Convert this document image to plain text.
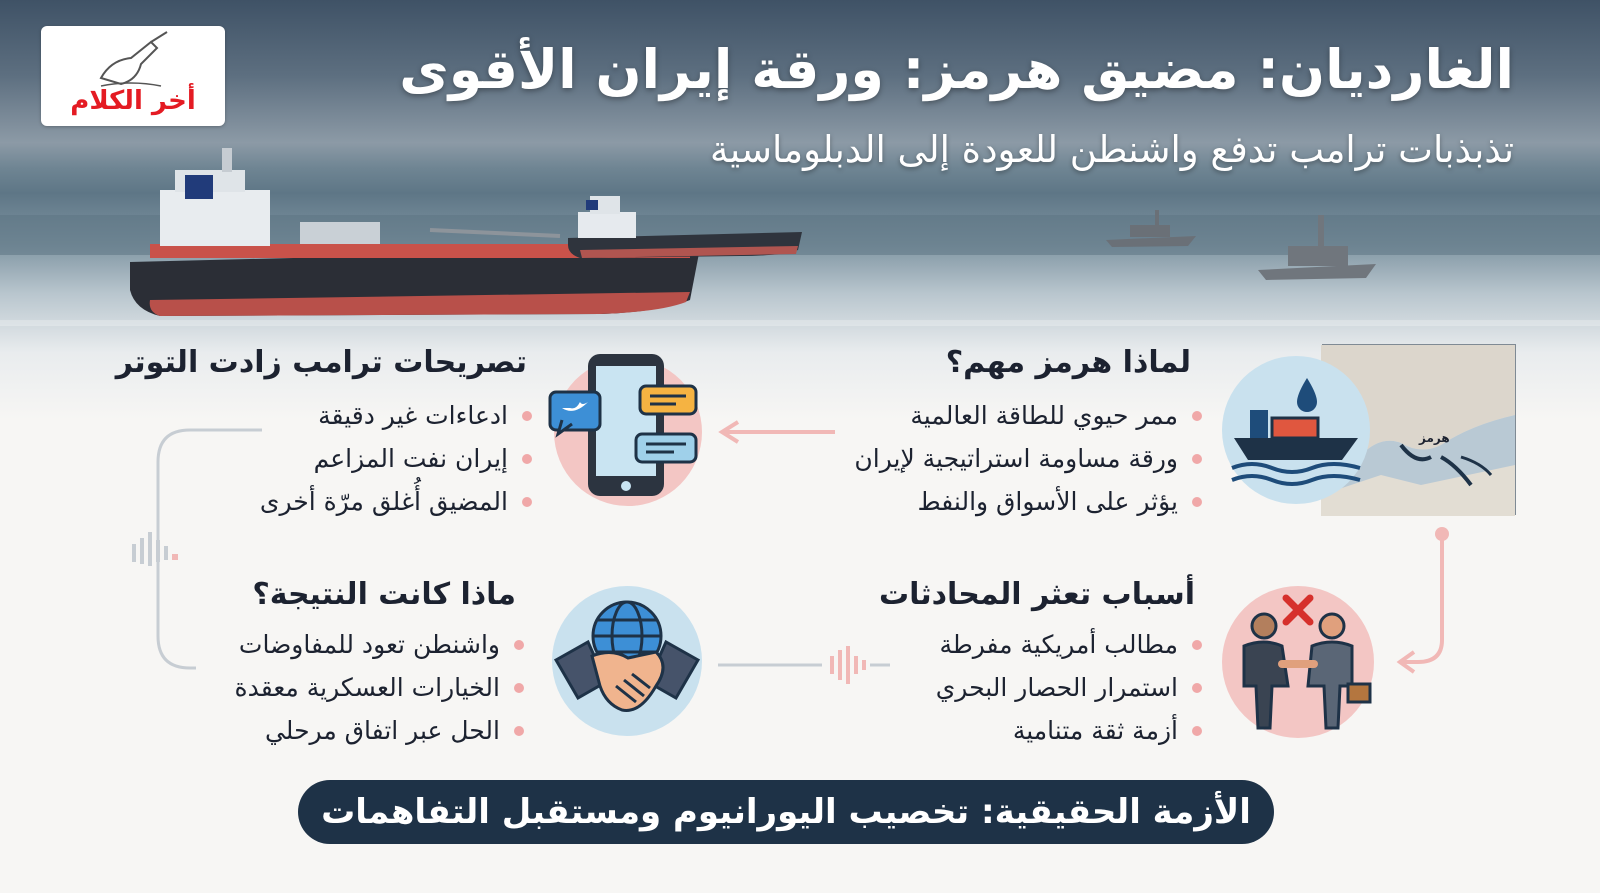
أخر الكلام	الغارديان: مضيق هرمز: ورقة إيران الأقوى
تذبذبات ترامب تدفع واشنطن للعودة إلى الدبلوماسية
هرمز
لماذا هرمز مهم؟
ممر حيوي للطاقة العالمية
ورقة مساومة استراتيجية لإيران
يؤثر على الأسواق والنفط
تصريحات ترامب زادت التوتر
ادعاءات غير دقيقة
إيران نفت المزاعم
المضيق أُغلق مرّة أخرى
أسباب تعثر المحادثات
مطالب أمريكية مفرطة
استمرار الحصار البحري
أزمة ثقة متنامية
ماذا كانت النتيجة؟
واشنطن تعود للمفاوضات
الخيارات العسكرية معقدة
الحل عبر اتفاق مرحلي
الأزمة الحقيقية: تخصيب اليورانيوم ومستقبل التفاهمات
